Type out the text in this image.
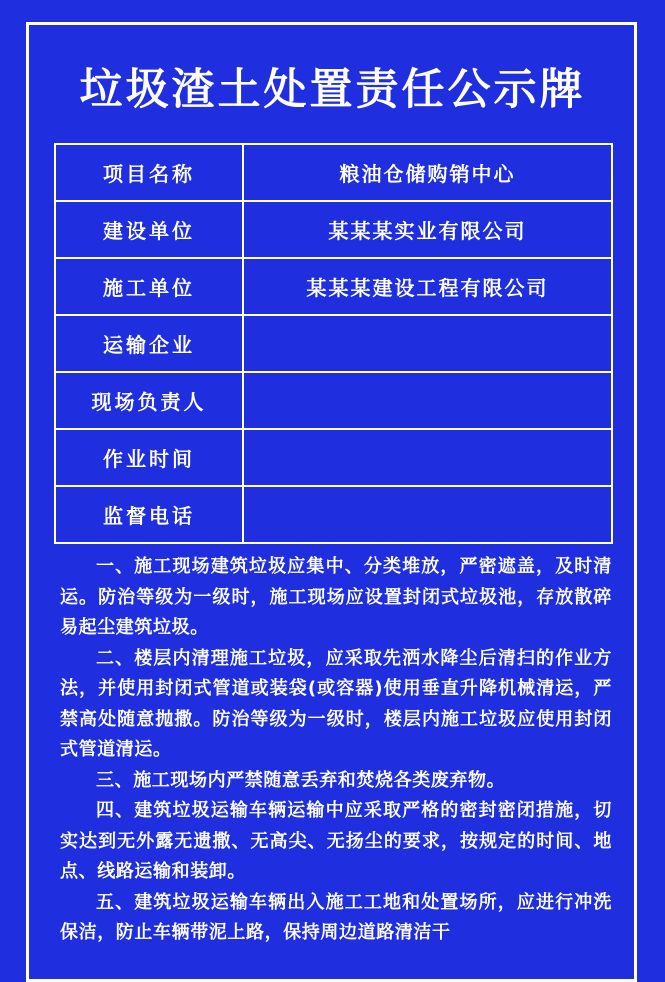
垃圾渣土处置责任公示牌
项目名称	粮油仓储购销中心
建设单位	某某某实业有限公司
施工单位	某某某建设工程有限公司
运输企业
现场负责人
作业时间
监督电话

一、施工现场建筑垃圾应集中、分类堆放，严密遮盖，及时清运。防治等级为一级时，施工现场应设置封闭式垃圾池，存放散碎易起尘建筑垃圾。

二、楼层内清理施工垃圾，应采取先洒水降尘后清扫的作业方法，并使用封闭式管道或装袋(或容器)使用垂直升降机械清运，严禁高处随意抛撒。防治等级为一级时，楼层内施工垃圾应使用封闭式管道清运。

三、施工现场内严禁随意丢弃和焚烧各类废弃物。

四、建筑垃圾运输车辆运输中应采取严格的密封密闭措施，切实达到无外露无遗撒、无高尖、无扬尘的要求，按规定的时间、地点、线路运输和装卸。

五、建筑垃圾运输车辆出入施工工地和处置场所，应进行冲洗保洁，防止车辆带泥上路，保持周边道路清洁干
